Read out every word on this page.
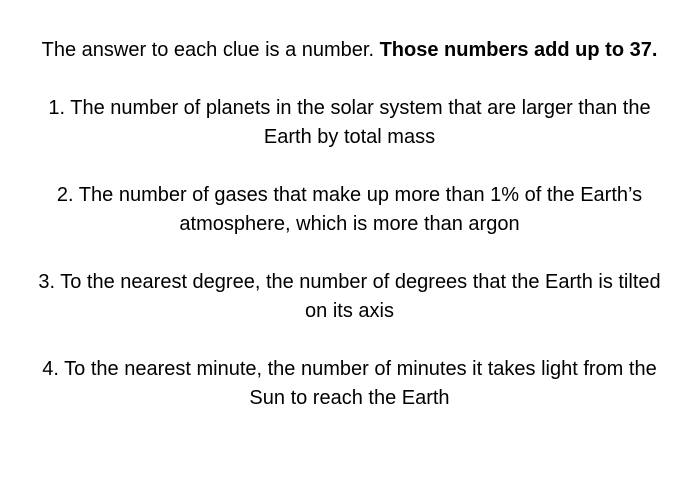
The answer to each clue is a number. Those numbers add up to 37.

1. The number of planets in the solar system that are larger than the Earth by total mass

2. The number of gases that make up more than 1% of the Earth’s atmosphere, which is more than argon

3. To the nearest degree, the number of degrees that the Earth is tilted on its axis

4. To the nearest minute, the number of minutes it takes light from the Sun to reach the Earth
